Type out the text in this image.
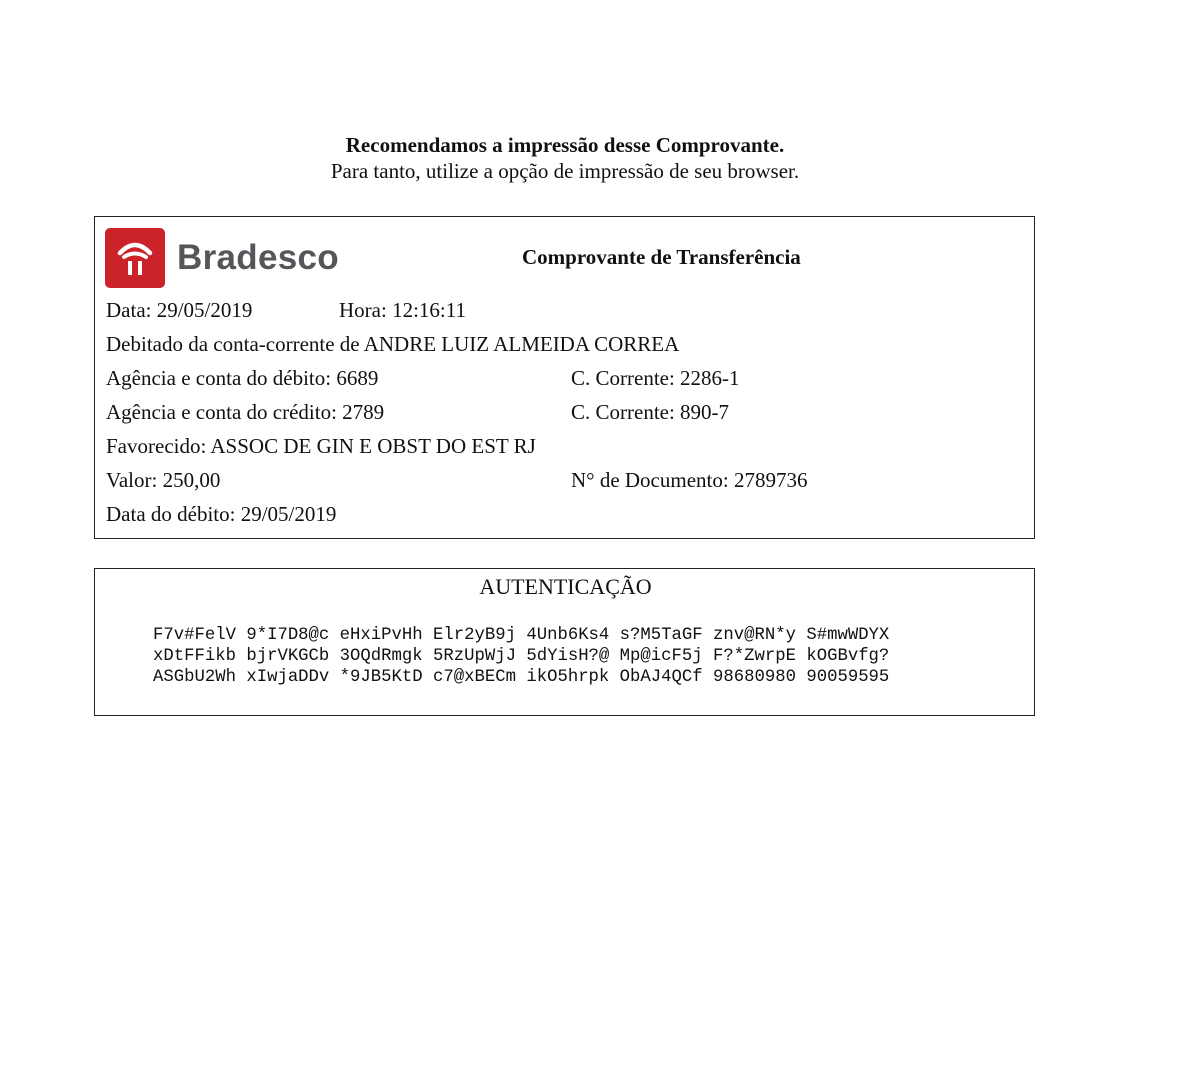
Recomendamos a impressão desse Comprovante.
Para tanto, utilize a opção de impressão de seu browser.
Bradesco	Comprovante de Transferência
Data: 29/05/2019	Hora: 12:16:11
Debitado da conta-corrente de ANDRE LUIZ ALMEIDA CORREA
Agência e conta do débito: 6689	C. Corrente: 2286-1
Agência e conta do crédito: 2789	C. Corrente: 890-7
Favorecido: ASSOC DE GIN E OBST DO EST RJ
Valor: 250,00	N° de Documento: 2789736
Data do débito: 29/05/2019
AUTENTICAÇÃO
F7v#FelV 9*I7D8@c eHxiPvHh Elr2yB9j 4Unb6Ks4 s?M5TaGF znv@RN*y S#mwWDYX
xDtFFikb bjrVKGCb 3OQdRmgk 5RzUpWjJ 5dYisH?@ Mp@icF5j F?*ZwrpE kOGBvfg?
ASGbU2Wh xIwjaDDv *9JB5KtD c7@xBECm ikO5hrpk ObAJ4QCf 98680980 90059595
